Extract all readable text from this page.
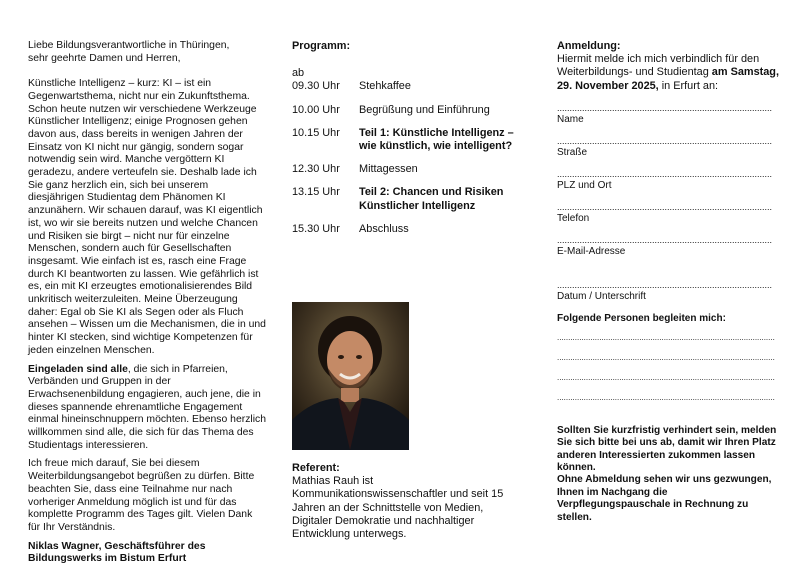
Liebe Bildungsverantwortliche in Thüringen,

sehr geehrte Damen und Herren,

Künstliche Intelligenz – kurz: KI – ist ein Gegenwartsthema, nicht nur ein Zukunftsthema. Schon heute nutzen wir verschiedene Werkzeuge Künstlicher Intelligenz; einige Prognosen gehen davon aus, dass bereits in wenigen Jahren der Einsatz von KI nicht nur gängig, sondern sogar notwendig sein wird. Manche vergöttern KI geradezu, andere verteufeln sie. Deshalb lade ich Sie ganz herzlich ein, sich bei unserem diesjährigen Studientag dem Phänomen KI anzunähern. Wir schauen darauf, was KI eigentlich ist, wo wir sie bereits nutzen und welche Chancen und Risiken sie birgt – nicht nur für einzelne Menschen, sondern auch für Gesellschaften insgesamt. Wie einfach ist es, rasch eine Frage durch KI beantworten zu lassen. Wie gefährlich ist es, ein mit KI erzeugtes emotionalisierendes Bild unkritisch weiterzuleiten. Meine Überzeugung daher: Egal ob Sie KI als Segen oder als Fluch ansehen – Wissen um die Mechanismen, die in und hinter KI stecken, sind wichtige Kompetenzen für jeden einzelnen Menschen.

Eingeladen sind alle, die sich in Pfarreien, Verbänden und Gruppen in der Erwachsenenbildung engagieren, auch jene, die in dieses spannende ehrenamtliche Engagement einmal hineinschnuppern möchten. Ebenso herzlich willkommen sind alle, die sich für das Thema des Studientags interessieren.

Ich freue mich darauf, Sie bei diesem Weiterbildungsangebot begrüßen zu dürfen. Bitte beachten Sie, dass eine Teilnahme nur nach vorheriger Anmeldung möglich ist und für das komplette Programm des Tages gilt. Vielen Dank für Ihr Verständnis.

Niklas Wagner, Geschäftsführer des Bildungswerks im Bistum Erfurt

Programm:
ab
09.30 Uhr	Stehkaffee
10.00 Uhr	Begrüßung und Einführung
10.15 Uhr	Teil 1: Künstliche Intelligenz – wie künstlich, wie intelligent?
12.30 Uhr	Mittagessen
13.15 Uhr	Teil 2: Chancen und Risiken Künstlicher Intelligenz
15.30 Uhr	Abschluss

Referent:

Mathias Rauh ist Kommunikationswissenschaftler und seit 15 Jahren an der Schnittstelle von Medien, Digitaler Demokratie und nachhaltiger Entwicklung unterwegs.

Anmeldung:

Hiermit melde ich mich verbindlich für den Weiterbildungs- und Studientag am Samstag, 29. November 2025, in Erfurt an:

......................................................................................
Name
......................................................................................
Straße
......................................................................................
PLZ und Ort
......................................................................................
Telefon
......................................................................................
E-Mail-Adresse
......................................................................................
Datum / Unterschrift

Folgende Personen begleiten mich:

..................................................................................................
..................................................................................................
..................................................................................................
..................................................................................................

Sollten Sie kurzfristig verhindert sein, melden Sie sich bitte bei uns ab, damit wir Ihren Platz anderen Interessierten zukommen lassen können.

Ohne Abmeldung sehen wir uns gezwungen, Ihnen im Nachgang die Verpflegungspauschale in Rechnung zu stellen.
